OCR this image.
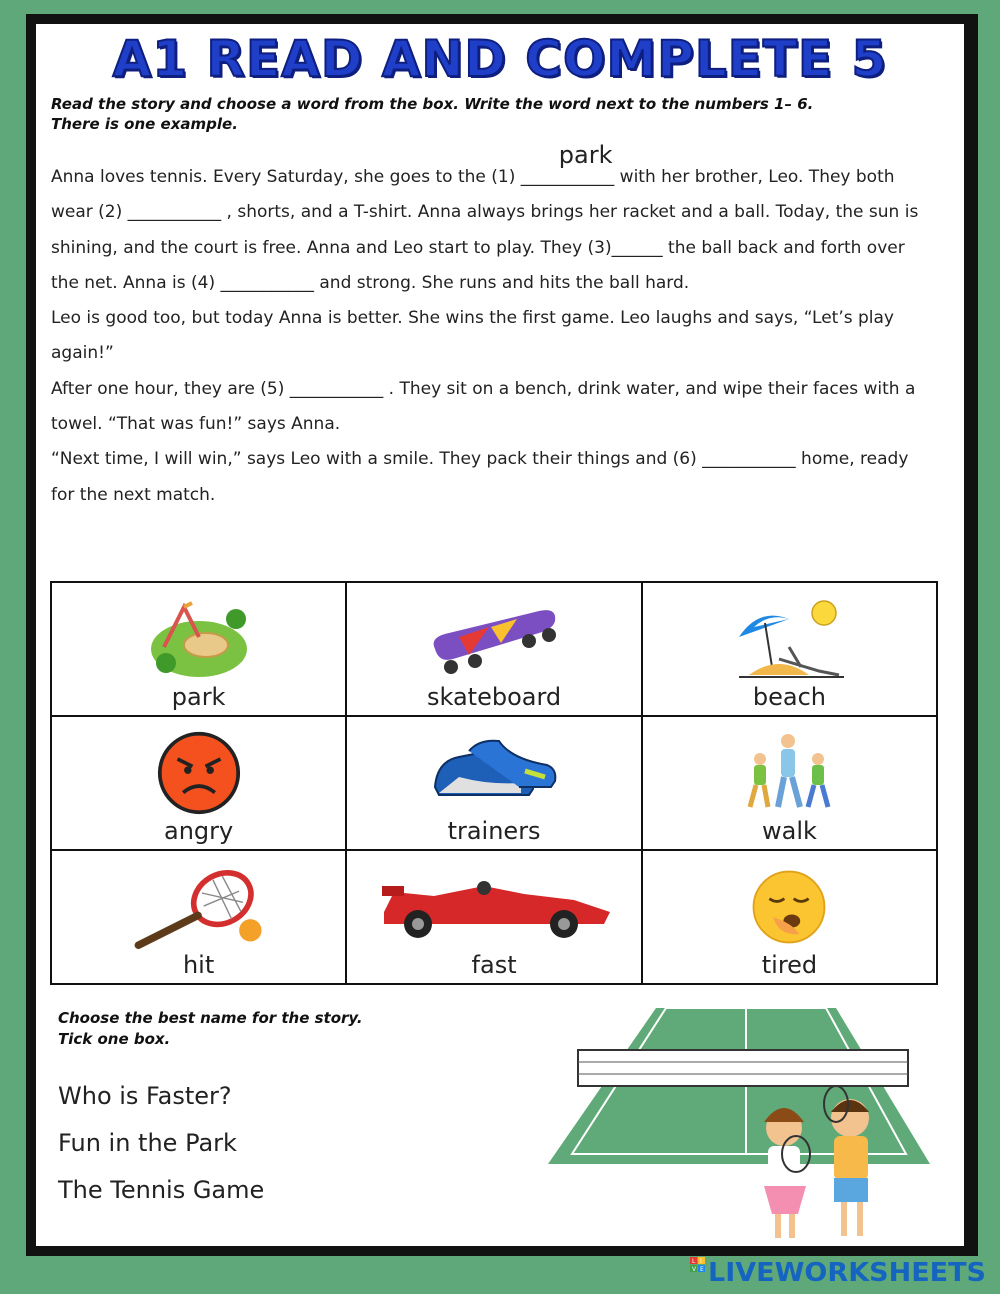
A1 READ AND COMPLETE 5
Read the story and choose a word from the box. Write the word next to the numbers 1– 6.
There is one example.

Anna loves tennis. Every Saturday, she goes to the (1) ___________
park
with her brother, Leo. They both wear (2) ___________ , shorts, and a T-shirt. Anna always brings her racket and a ball. Today, the sun is shining, and the court is free. Anna and Leo start to play. They (3)______ the ball back and forth over the net. Anna is (4) ___________ and strong. She runs and hits the ball hard.

Leo is good too, but today Anna is better. She wins the first game. Leo laughs and says, “Let’s play again!”

After one hour, they are (5) ___________ . They sit on a bench, drink water, and wipe their faces with a towel. “That was fun!” says Anna.

“Next time, I will win,” says Leo with a smile. They pack their things and (6) ___________ home, ready for the next match.

park	skateboard	beach

angry	trainers	walk

hit	fast	tired
Choose the best name for the story.
Tick one box.
Who is Faster?
Fun in the Park
The Tennis Game
L I
V E LIVEWORKSHEETS
